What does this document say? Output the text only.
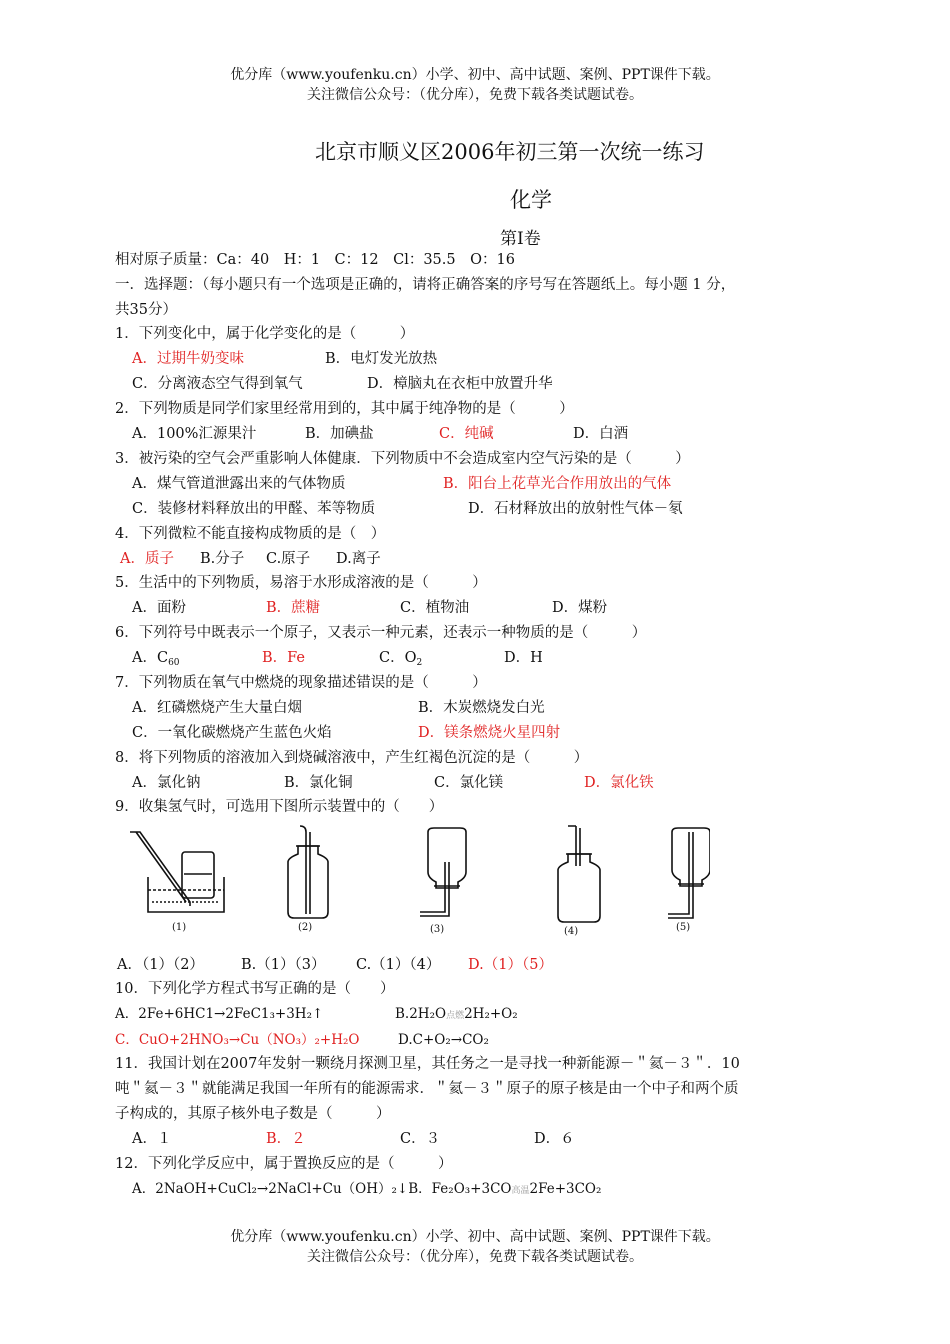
优分库（www.youfenku.cn）小学、初中、高中试题、案例、PPT课件下载。
关注微信公众号：（优分库），免费下载各类试题试卷。
北京市顺义区2006年初三第一次统一练习
化学
第Ⅰ卷
相对原子质量：Ca：40　H：1　C：12　Cl：35.5　O：16
一．选择题：（每小题只有一个选项是正确的，请将正确答案的序号写在答题纸上。每小题 1 分，
共35分）
1．下列变化中，属于化学变化的是（　　　）
A．过期牛奶变味	B．电灯发光放热
C．分离液态空气得到氧气	D．樟脑丸在衣柜中放置升华
2．下列物质是同学们家里经常用到的，其中属于纯净物的是（　　　）
A．100%汇源果汁	B．加碘盐	C．纯碱	D．白酒
3．被污染的空气会严重影响人体健康．下列物质中不会造成室内空气污染的是（　　　）
A．煤气管道泄露出来的气体物质	B．阳台上花草光合作用放出的气体
C．装修材料释放出的甲醛、苯等物质	D．石材释放出的放射性气体－氡
4．下列微粒不能直接构成物质的是（　）
A．质子 B.分子 C.原子 D.离子
5．生活中的下列物质，易溶于水形成溶液的是（　　　）
A．面粉	B．蔗糖	C．植物油	D．煤粉
6．下列符号中既表示一个原子，又表示一种元素，还表示一种物质的是（　　　）
A．$C_{60}$	B．Fe	C．$O_2$	D．H
7．下列物质在氧气中燃烧的现象描述错误的是（　　　）
A．红磷燃烧产生大量白烟	B．木炭燃烧发白光
C．一氧化碳燃烧产生蓝色火焰	D．镁条燃烧火星四射
8．将下列物质的溶液加入到烧碱溶液中，产生红褐色沉淀的是（　　　）
A．氯化钠	B．氯化铜	C．氯化镁	D．氯化铁
9．收集氢气时，可选用下图所示装置中的（　　）
(1)	(2)	(3)	(4)	(5)
A．（1）（2）	B.（1）（3） C.（1）（4） D.（1）（5）
10．下列化学方程式书写正确的是（　　）
A．2Fe+6HC1→2FeC1₃+3H₂↑	B.2H₂O点燃2H₂+O₂
C．CuO+2HNO₃→Cu（NO₃）₂+H₂O	D.C+O₂→CO₂
11．我国计划在2007年发射一颗绕月探测卫星，其任务之一是寻找一种新能源－＂氦－３＂．10
吨＂氦－３＂就能满足我国一年所有的能源需求．＂氦－３＂原子的原子核是由一个中子和两个质
子构成的，其原子核外电子数是（　　　）
A．１	B．２	C．３	D．６
12．下列化学反应中，属于置换反应的是（　　　）
A．2NaOH+CuCl₂→2NaCl+Cu（OH）₂↓B．Fe₂O₃+3CO高温2Fe+3CO₂
优分库（www.youfenku.cn）小学、初中、高中试题、案例、PPT课件下载。
关注微信公众号：（优分库），免费下载各类试题试卷。
